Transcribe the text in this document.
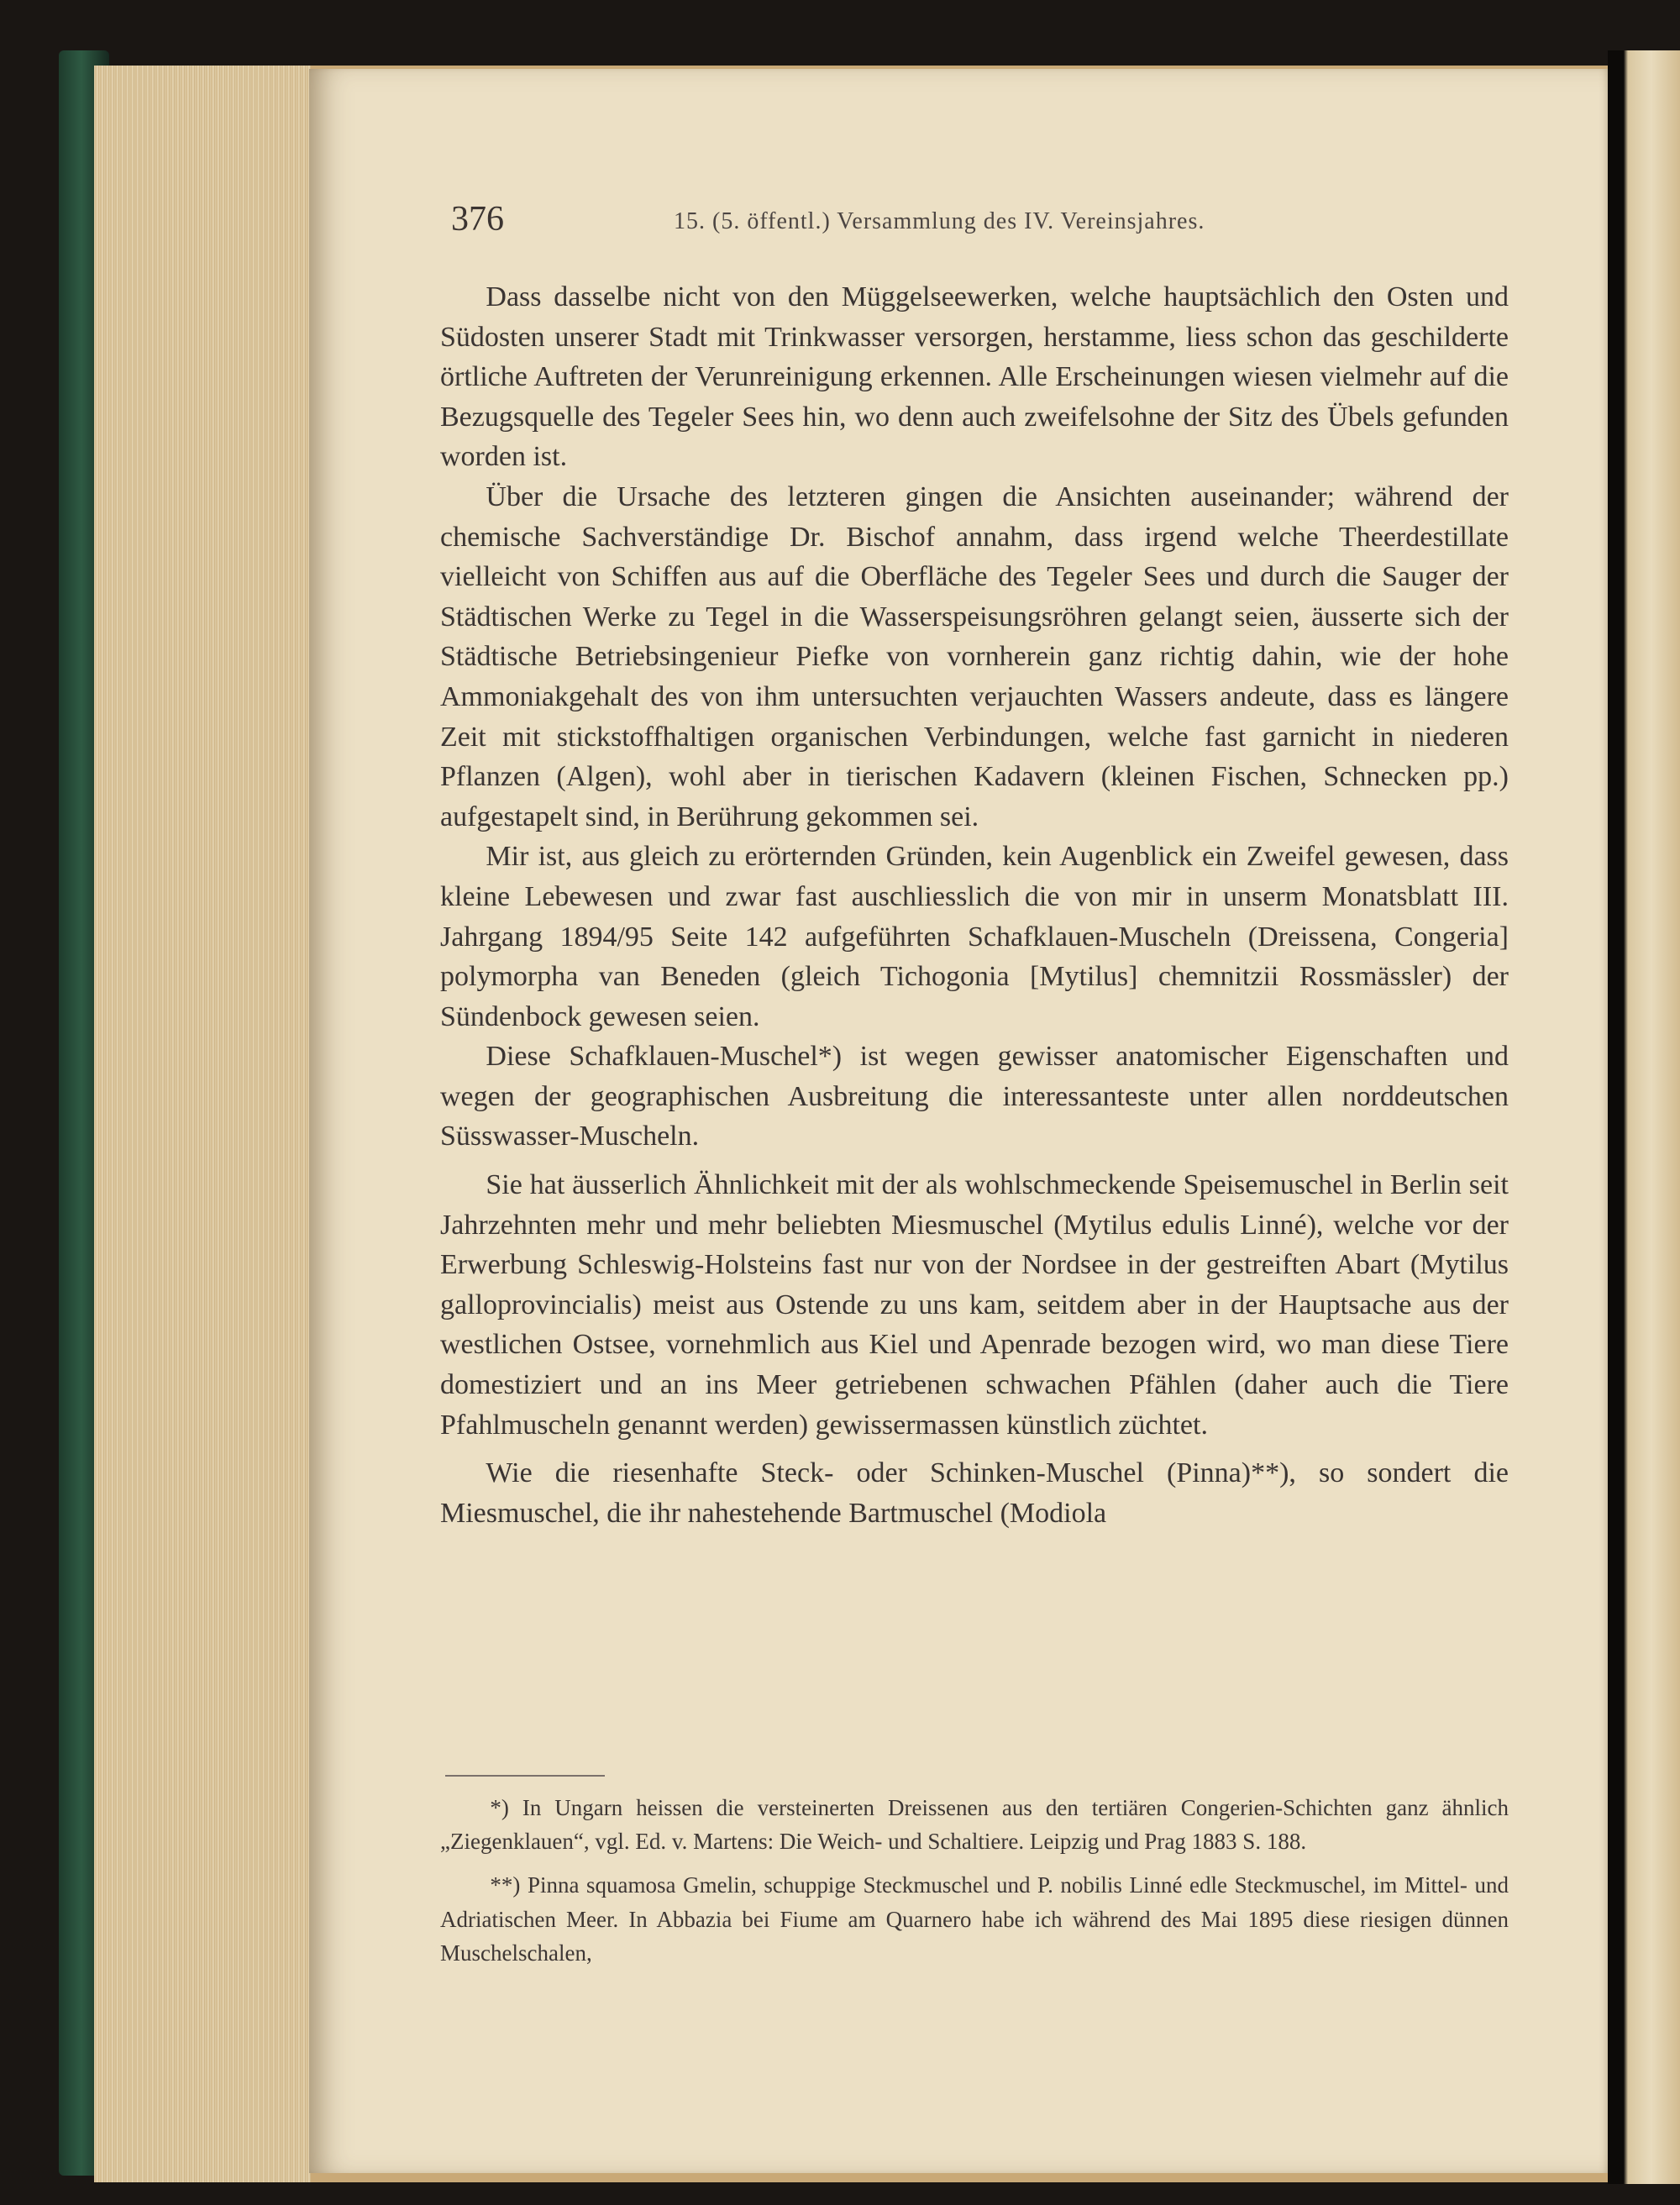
376	15. (5. öffentl.) Versammlung des IV. Vereinsjahres.

Dass dasselbe nicht von den Müggelseewerken, welche hauptsächlich den Osten und Südosten unserer Stadt mit Trinkwasser versorgen, herstamme, liess schon das geschilderte örtliche Auftreten der Verunreinigung erkennen. Alle Erscheinungen wiesen vielmehr auf die Bezugsquelle des Tegeler Sees hin, wo denn auch zweifelsohne der Sitz des Übels gefunden worden ist.

Über die Ursache des letzteren gingen die Ansichten auseinander; während der chemische Sachverständige Dr. Bischof annahm, dass irgend welche Theerdestillate vielleicht von Schiffen aus auf die Oberfläche des Tegeler Sees und durch die Sauger der Städtischen Werke zu Tegel in die Wasserspeisungsröhren gelangt seien, äusserte sich der Städtische Betriebsingenieur Piefke von vornherein ganz richtig dahin, wie der hohe Ammoniakgehalt des von ihm untersuchten verjauchten Wassers andeute, dass es längere Zeit mit stickstoffhaltigen organischen Verbindungen, welche fast garnicht in niederen Pflanzen (Algen), wohl aber in tierischen Kadavern (kleinen Fischen, Schnecken pp.) aufgestapelt sind, in Berührung gekommen sei.

Mir ist, aus gleich zu erörternden Gründen, kein Augenblick ein Zweifel gewesen, dass kleine Lebewesen und zwar fast auschliesslich die von mir in unserm Monatsblatt III. Jahrgang 1894/95 Seite 142 aufgeführten Schafklauen-Muscheln (Dreissena, Congeria] polymorpha van Beneden (gleich Tichogonia [Mytilus] chemnitzii Rossmässler) der Sündenbock gewesen seien.

Diese Schafklauen-Muschel*) ist wegen gewisser anatomischer Eigenschaften und wegen der geographischen Ausbreitung die interessanteste unter allen norddeutschen Süsswasser-Muscheln.

Sie hat äusserlich Ähnlichkeit mit der als wohlschmeckende Speisemuschel in Berlin seit Jahrzehnten mehr und mehr beliebten Miesmuschel (Mytilus edulis Linné), welche vor der Erwerbung Schleswig-Holsteins fast nur von der Nordsee in der gestreiften Abart (Mytilus galloprovincialis) meist aus Ostende zu uns kam, seitdem aber in der Hauptsache aus der westlichen Ostsee, vornehmlich aus Kiel und Apenrade bezogen wird, wo man diese Tiere domestiziert und an ins Meer getriebenen schwachen Pfählen (daher auch die Tiere Pfahlmuscheln genannt werden) gewissermassen künstlich züchtet.

Wie die riesenhafte Steck- oder Schinken-Muschel (Pinna)**), so sondert die Miesmuschel, die ihr nahestehende Bartmuschel (Modiola

*) In Ungarn heissen die versteinerten Dreissenen aus den tertiären Congerien-Schichten ganz ähnlich „Ziegenklauen“, vgl. Ed. v. Martens: Die Weich- und Schaltiere. Leipzig und Prag 1883 S. 188.

**) Pinna squamosa Gmelin, schuppige Steckmuschel und P. nobilis Linné edle Steckmuschel, im Mittel- und Adriatischen Meer. In Abbazia bei Fiume am Quarnero habe ich während des Mai 1895 diese riesigen dünnen Muschelschalen,
